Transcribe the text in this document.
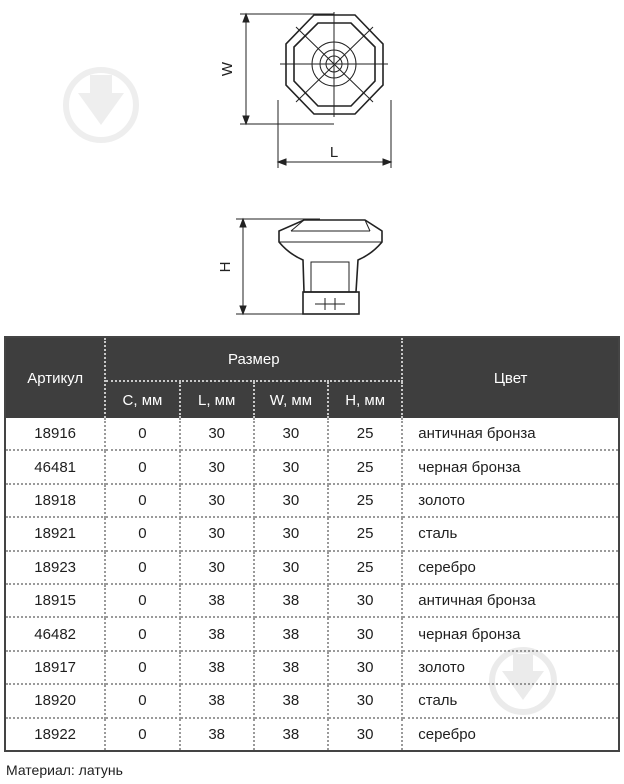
W
L
H
Артикул	Размер				Цвет
	C, мм	L, мм	W, мм	H, мм	
18916	0	30	30	25	античная бронза
46481	0	30	30	25	черная бронза
18918	0	30	30	25	золото
18921	0	30	30	25	сталь
18923	0	30	30	25	серебро
18915	0	38	38	30	античная бронза
46482	0	38	38	30	черная бронза
18917	0	38	38	30	золото
18920	0	38	38	30	сталь
18922	0	38	38	30	серебро
Материал: латунь
